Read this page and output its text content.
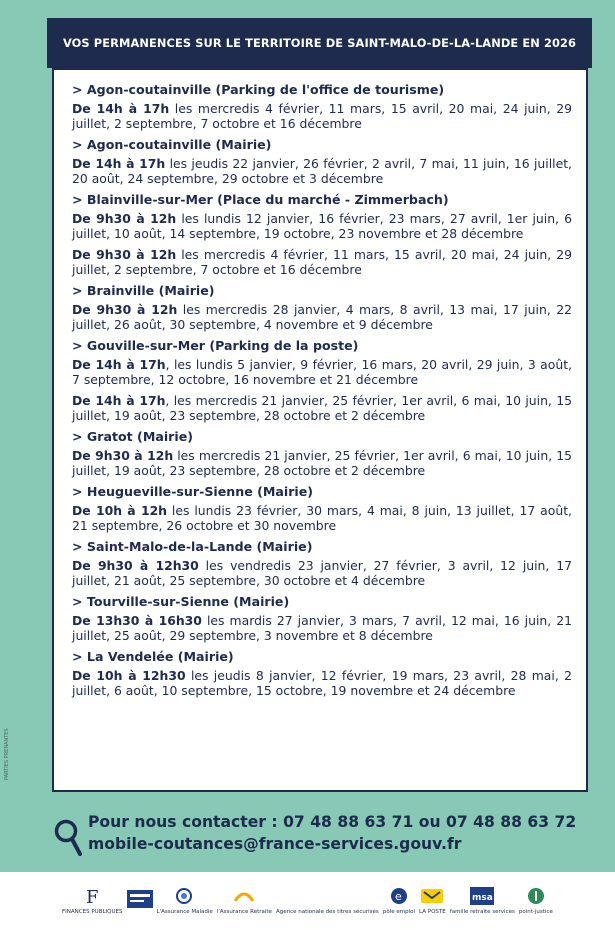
VOS PERMANENCES SUR LE TERRITOIRE DE SAINT-MALO-DE-LA-LANDE EN 2026
> Agon-coutainville (Parking de l'office de tourisme)
De 14h à 17h les mercredis 4 février, 11 mars, 15 avril, 20 mai, 24 juin, 29 juillet, 2 septembre, 7 octobre et 16 décembre
> Agon-coutainville (Mairie)
De 14h à 17h les jeudis 22 janvier, 26 février, 2 avril, 7 mai, 11 juin, 16 juillet, 20 août, 24 septembre, 29 octobre et 3 décembre
> Blainville-sur-Mer (Place du marché - Zimmerbach)
De 9h30 à 12h les lundis 12 janvier, 16 février, 23 mars, 27 avril, 1er juin, 6 juillet, 10 août, 14 septembre, 19 octobre, 23 novembre et 28 décembre
De 9h30 à 12h les mercredis 4 février, 11 mars, 15 avril, 20 mai, 24 juin, 29 juillet, 2 septembre, 7 octobre et 16 décembre
> Brainville (Mairie)
De 9h30 à 12h les mercredis 28 janvier, 4 mars, 8 avril, 13 mai, 17 juin, 22 juillet, 26 août, 30 septembre, 4 novembre et 9 décembre
> Gouville-sur-Mer (Parking de la poste)
De 14h à 17h, les lundis 5 janvier, 9 février, 16 mars, 20 avril, 29 juin, 3 août, 7 septembre, 12 octobre, 16 novembre et 21 décembre
De 14h à 17h, les mercredis 21 janvier, 25 février, 1er avril, 6 mai, 10 juin, 15 juillet, 19 août, 23 septembre, 28 octobre et 2 décembre
> Gratot (Mairie)
De 9h30 à 12h les mercredis 21 janvier, 25 février, 1er avril, 6 mai, 10 juin, 15 juillet, 19 août, 23 septembre, 28 octobre et 2 décembre
> Heugueville-sur-Sienne (Mairie)
De 10h à 12h les lundis 23 février, 30 mars, 4 mai, 8 juin, 13 juillet, 17 août, 21 septembre, 26 octobre et 30 novembre
> Saint-Malo-de-la-Lande (Mairie)
De 9h30 à 12h30 les vendredis 23 janvier, 27 février, 3 avril, 12 juin, 17 juillet, 21 août, 25 septembre, 30 octobre et 4 décembre
> Tourville-sur-Sienne (Mairie)
De 13h30 à 16h30 les mardis 27 janvier, 3 mars, 7 avril, 12 mai, 16 juin, 21 juillet, 25 août, 29 septembre, 3 novembre et 8 décembre
> La Vendelée (Mairie)
De 10h à 12h30 les jeudis 8 janvier, 12 février, 19 mars, 23 avril, 28 mai, 2 juillet, 6 août, 10 septembre, 15 octobre, 19 novembre et 24 décembre
PARTIES PRENANTES
Pour nous contacter : 07 48 88 63 71 ou 07 48 88 63 72
mobile-coutances@france-services.gouv.fr
F
FINANCES PUBLIQUES	L'Assurance Maladie l'Assurance Retraite Agence nationale des titres sécurisés
e
pôle emploi LA POSTE
msa
famille retraite services point-justice
